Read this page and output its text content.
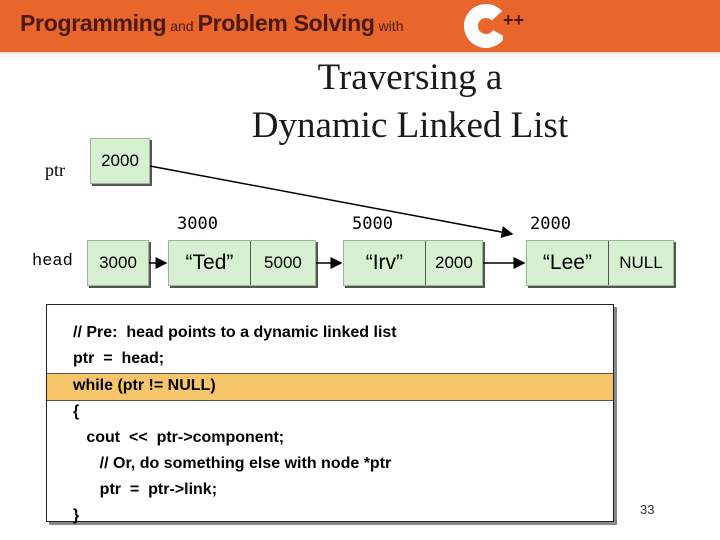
Programming and Problem Solving with	++
Traversing a
Dynamic Linked List
ptr	2000
head	3000
3000	5000	2000
“Ted”	5000	“Irv”	2000	“Lee”	NULL
// Pre:  head points to a dynamic linked list
ptr  =  head;
while (ptr != NULL)
{
cout  <<  ptr->component;
// Or, do something else with node *ptr
ptr  =  ptr->link;
}	33
